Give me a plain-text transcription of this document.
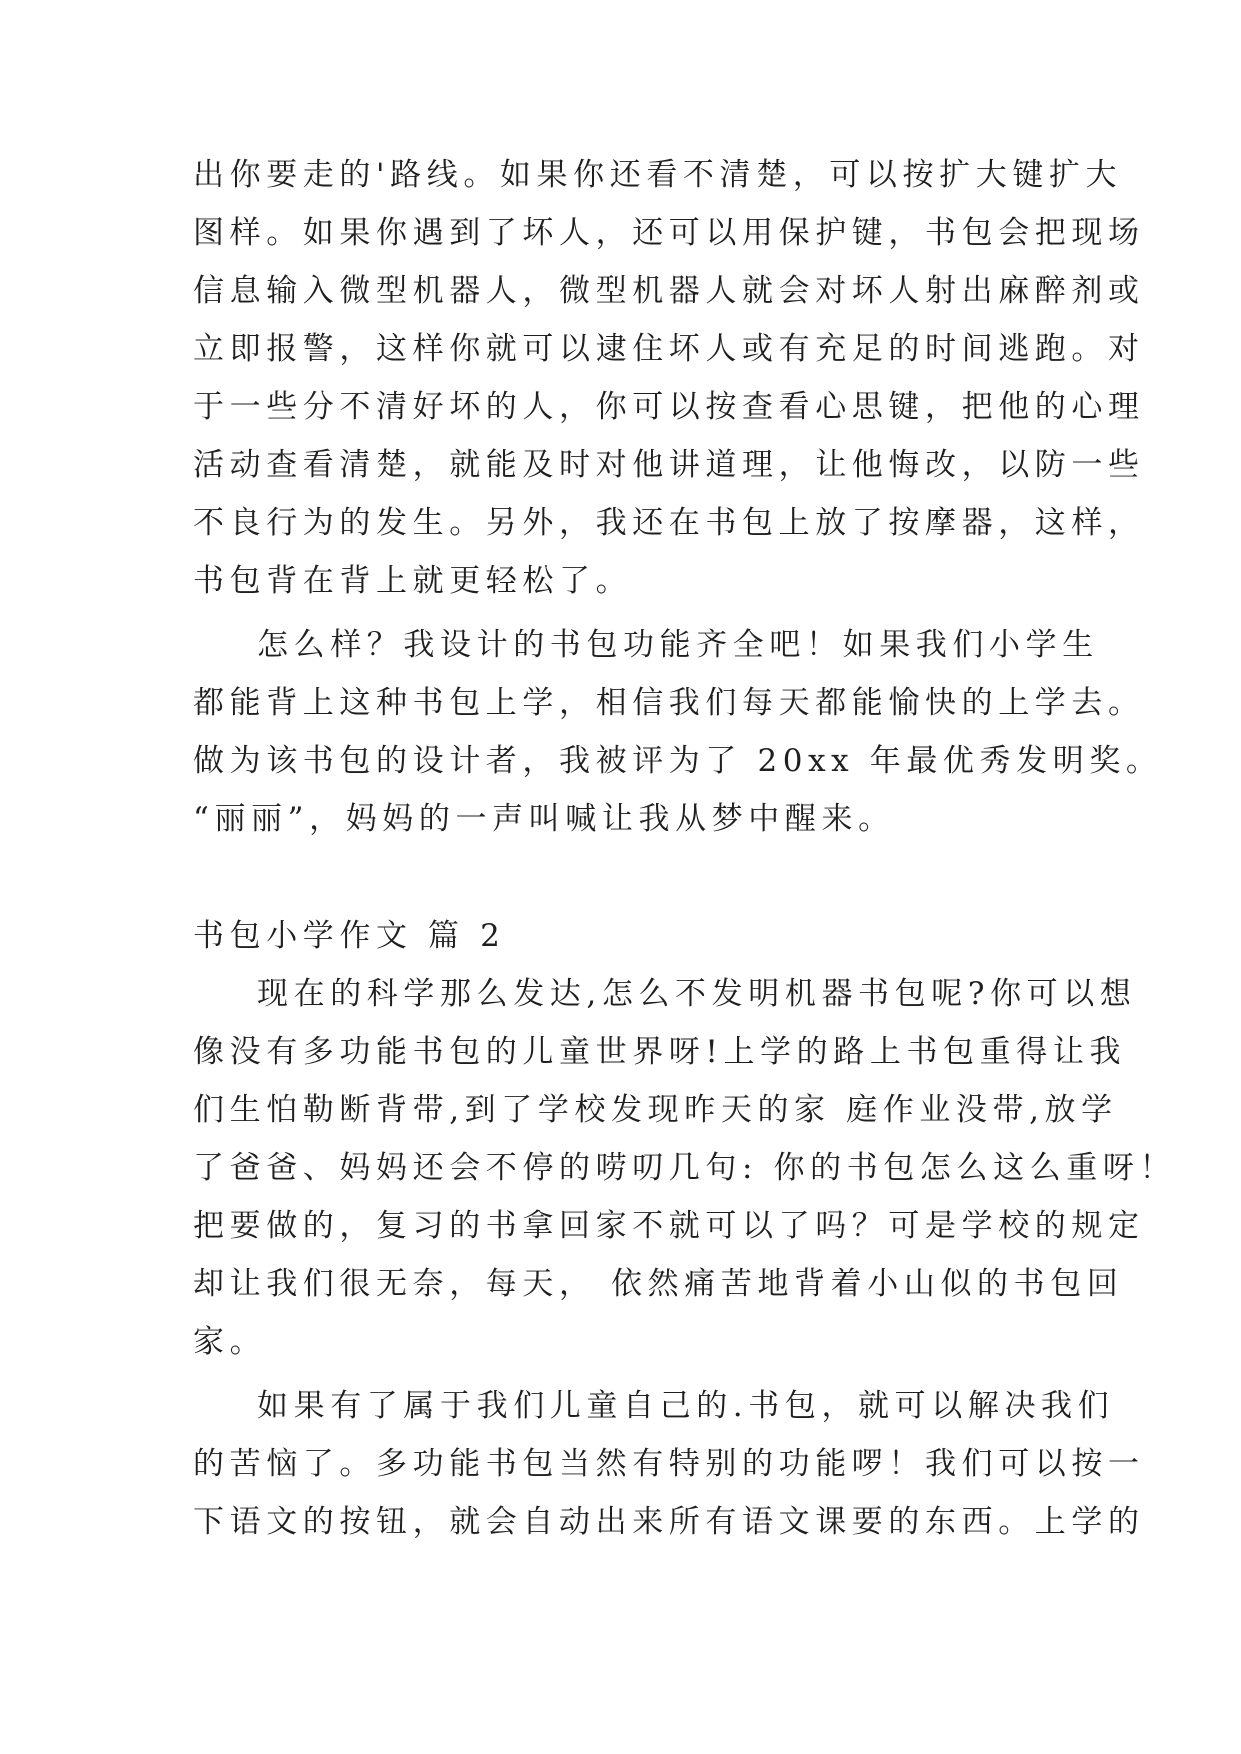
出你要走的'路线。如果你还看不清楚，可以按扩大键扩大
图样。如果你遇到了坏人，还可以用保护键，书包会把现场
信息输入微型机器人，微型机器人就会对坏人射出麻醉剂或
立即报警，这样你就可以逮住坏人或有充足的时间逃跑。对
于一些分不清好坏的人，你可以按查看心思键，把他的心理
活动查看清楚，就能及时对他讲道理，让他悔改，以防一些
不良行为的发生。另外，我还在书包上放了按摩器，这样，
书包背在背上就更轻松了。
怎么样？我设计的书包功能齐全吧！如果我们小学生
都能背上这种书包上学，相信我们每天都能愉快的上学去。
做为该书包的设计者，我被评为了 20xx 年最优秀发明奖。
“丽丽”，妈妈的一声叫喊让我从梦中醒来。
书包小学作文 篇 2
现在的科学那么发达,怎么不发明机器书包呢?你可以想
像没有多功能书包的儿童世界呀!上学的路上书包重得让我
们生怕勒断背带,到了学校发现昨天的家 庭作业没带,放学
了爸爸、妈妈还会不停的唠叨几句: 你的书包怎么这么重呀！
把要做的，复习的书拿回家不就可以了吗？可是学校的规定
却让我们很无奈，每天， 依然痛苦地背着小山似的书包回
家。
如果有了属于我们儿童自己的.书包，就可以解决我们
的苦恼了。多功能书包当然有特别的功能啰！我们可以按一
下语文的按钮，就会自动出来所有语文课要的东西。上学的
